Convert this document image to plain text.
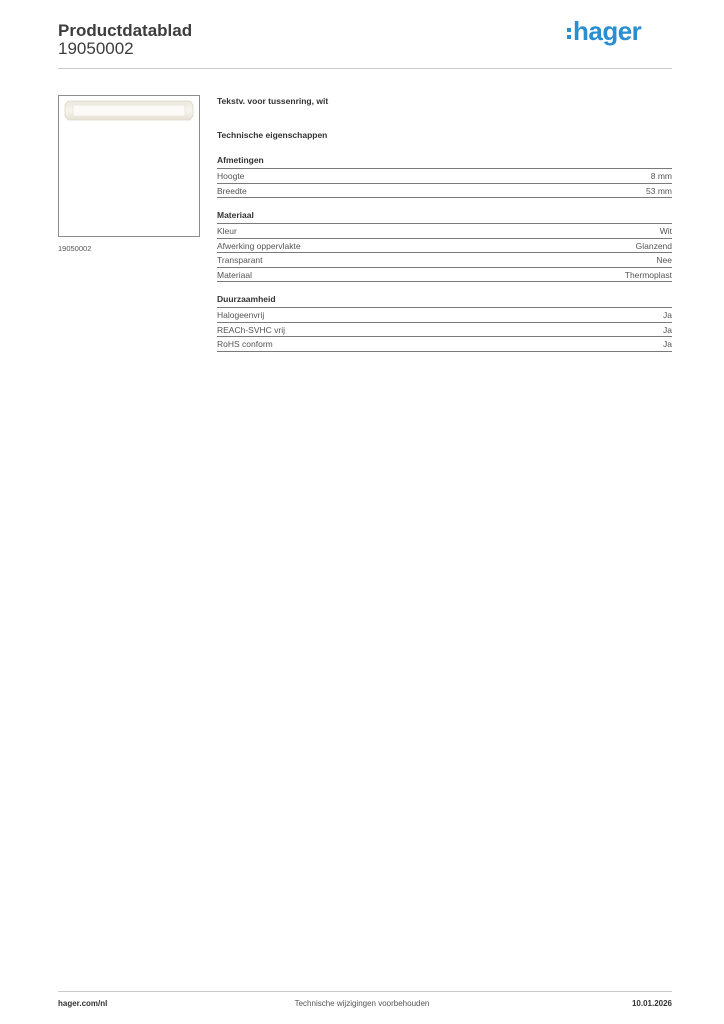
Productdatablad
19050002
hager
19050002
Tekstv. voor tussenring, wit
Technische eigenschappen
Afmetingen
Hoogte	8 mm
Breedte	53 mm
Materiaal
Kleur	Wit
Afwerking oppervlakte	Glanzend
Transparant	Nee
Materiaal	Thermoplast
Duurzaamheid
Halogeenvrij	Ja
REACh-SVHC vrij	Ja
RoHS conform	Ja
hager.com/nl	Technische wijzigingen voorbehouden	10.01.2026
